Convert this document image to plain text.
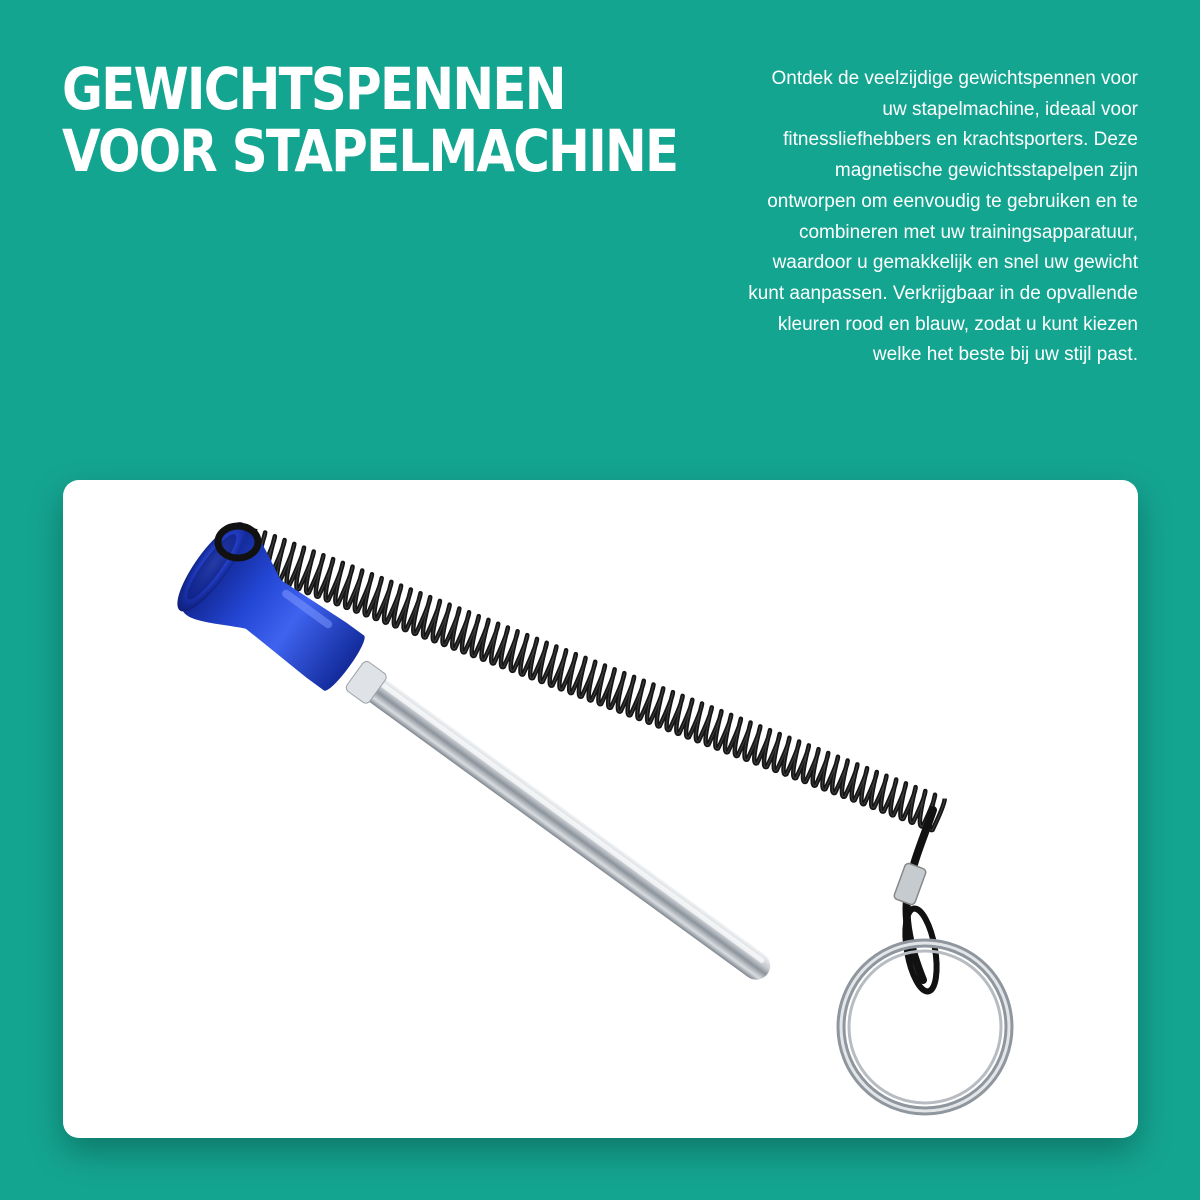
GEWICHTSPENNEN
VOOR STAPELMACHINE

Ontdek de veelzijdige gewichtspennen voor uw stapelmachine, ideaal voor fitnessliefhebbers en krachtsporters. Deze magnetische gewichtsstapelpen zijn ontworpen om eenvoudig te gebruiken en te combineren met uw trainingsapparatuur, waardoor u gemakkelijk en snel uw gewicht kunt aanpassen. Verkrijgbaar in de opvallende kleuren rood en blauw, zodat u kunt kiezen welke het beste bij uw stijl past.
